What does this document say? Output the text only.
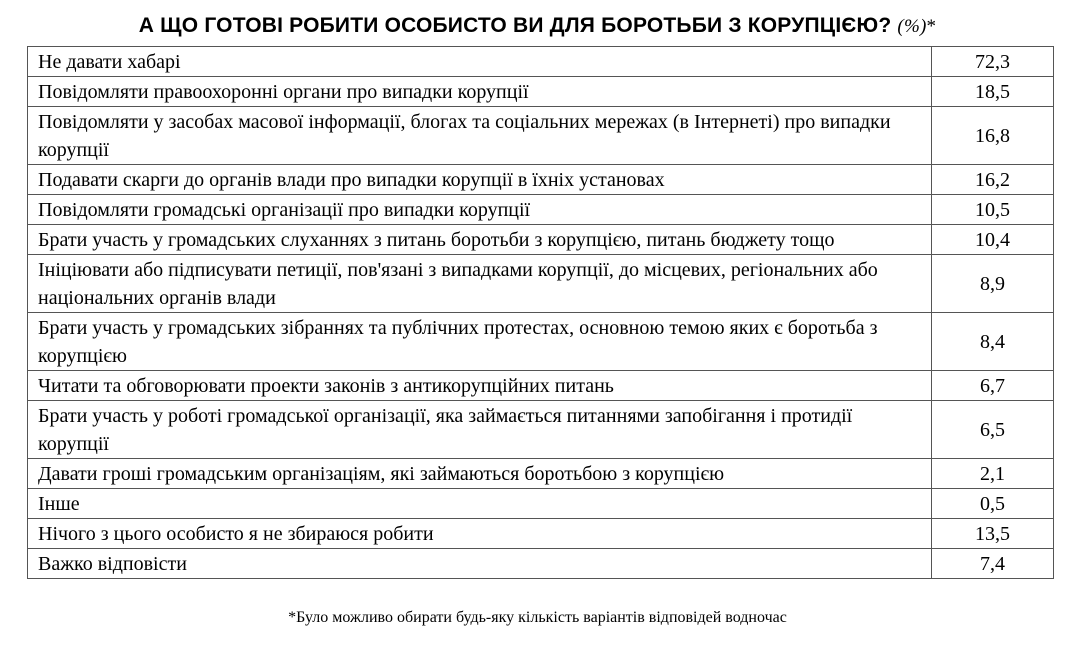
А ЩО ГОТОВІ РОБИТИ ОСОБИСТО ВИ ДЛЯ БОРОТЬБИ З КОРУПЦІЄЮ? (%)*
Не давати хабарі	72,3
Повідомляти правоохоронні органи про випадки корупції	18,5
Повідомляти у засобах масової інформації, блогах та соціальних мережах (в Інтернеті) про випадки корупції	16,8
Подавати скарги до органів влади про випадки корупції в їхніх установах	16,2
Повідомляти громадські організації про випадки корупції	10,5
Брати участь у громадських слуханнях з питань боротьби з корупцією, питань бюджету тощо	10,4
Ініціювати або підписувати петиції, пов'язані з випадками корупції, до місцевих, регіональних або національних органів влади	8,9
Брати участь у громадських зібраннях та публічних протестах, основною темою яких є боротьба з корупцією	8,4
Читати та обговорювати проекти законів з антикорупційних питань	6,7
Брати участь у роботі громадської організації, яка займається питаннями запобігання і протидії корупції	6,5
Давати гроші громадським організаціям, які займаються боротьбою з корупцією	2,1
Інше	0,5
Нічого з цього особисто я не збираюся робити	13,5
Важко відповісти	7,4
*Було можливо обирати будь-яку кількість варіантів відповідей водночас
